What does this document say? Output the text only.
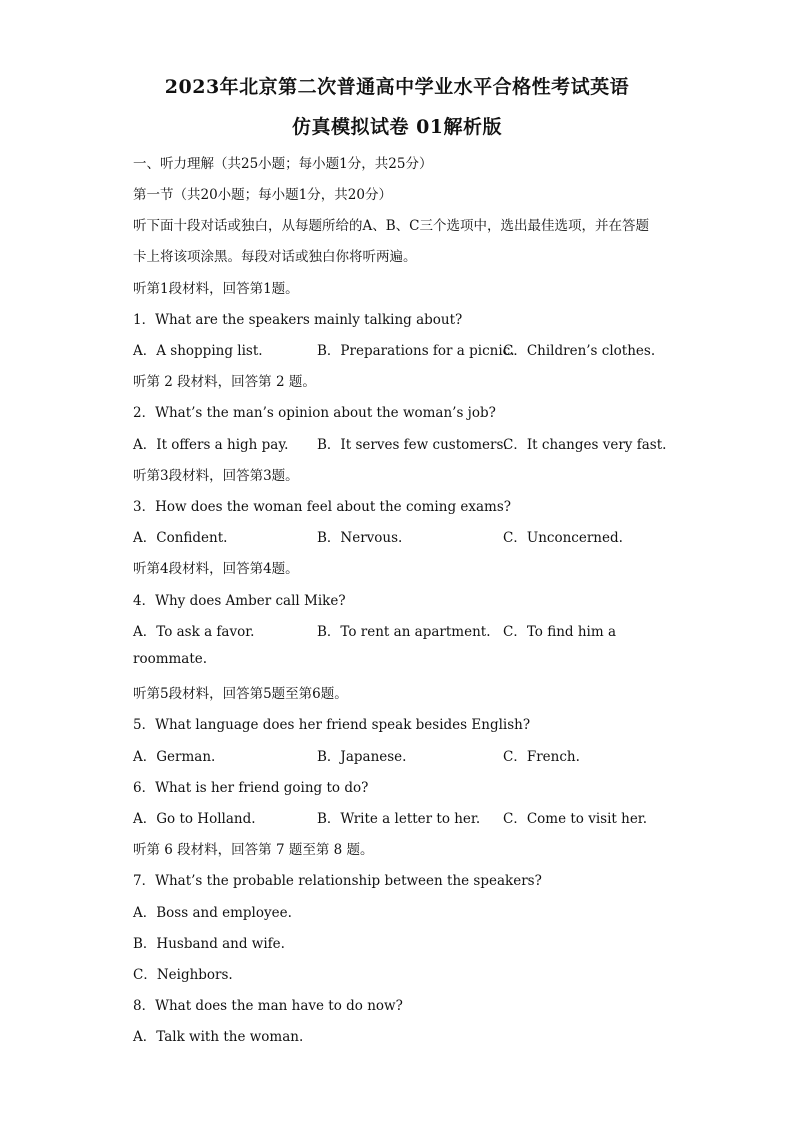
2023年北京第二次普通高中学业水平合格性考试英语
仿真模拟试卷 01解析版
一、听力理解（共25小题；每小题1分，共25分）
第一节（共20小题；每小题1分，共20分）
听下面十段对话或独白，从每题所给的A、B、C三个选项中，选出最佳选项，并在答题
卡上将该项涂黑。每段对话或独白你将听两遍。
听第1段材料，回答第1题。
1．What are the speakers mainly talking about?
A．A shopping list.	B．Preparations for a picnic.
C．Children’s clothes.
听第 2 段材料，回答第 2 题。
2．What’s the man’s opinion about the woman’s job?
A．It offers a high pay. B．It serves few customers.
C．It changes very fast.
听第3段材料，回答第3题。
3．How does the woman feel about the coming exams?
A．Confident.	B．Nervous.	C．Unconcerned.
听第4段材料，回答第4题。
4．Why does Amber call Mike?
A．To ask a favor.	B．To rent an apartment. C．To find him a
roommate.
听第5段材料，回答第5题至第6题。
5．What language does her friend speak besides English?
A．German.	B．Japanese.	C．French.
6．What is her friend going to do?
A．Go to Holland.	B．Write a letter to her. C．Come to visit her.
听第 6 段材料，回答第 7 题至第 8 题。
7．What’s the probable relationship between the speakers?
A．Boss and employee.
B．Husband and wife.
C．Neighbors.
8．What does the man have to do now?
A．Talk with the woman.
